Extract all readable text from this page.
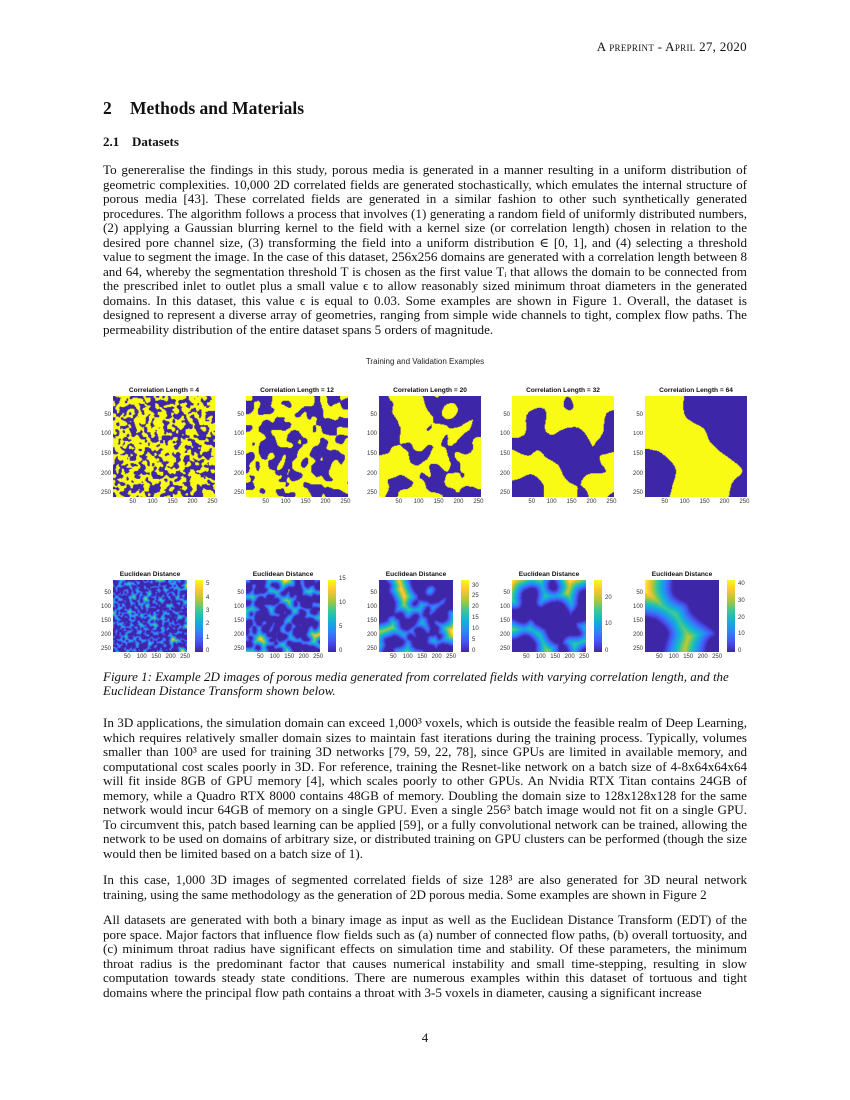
A preprint - April 27, 2020
2 Methods and Materials
2.1 Datasets
To genereralise the findings in this study, porous media is generated in a manner resulting in a uniform distribution of geometric complexities. 10,000 2D correlated fields are generated stochastically, which emulates the internal structure of porous media [43]. These correlated fields are generated in a similar fashion to other such synthetically generated procedures. The algorithm follows a process that involves (1) generating a random field of uniformly distributed numbers, (2) applying a Gaussian blurring kernel to the field with a kernel size (or correlation length) chosen in relation to the desired pore channel size, (3) transforming the field into a uniform distribution ∈ [0, 1], and (4) selecting a threshold value to segment the image. In the case of this dataset, 256x256 domains are generated with a correlation length between 8 and 64, whereby the segmentation threshold T is chosen as the first value Tᵢ that allows the domain to be connected from the prescribed inlet to outlet plus a small value ϵ to allow reasonably sized minimum throat diameters in the generated domains. In this dataset, this value ϵ is equal to 0.03. Some examples are shown in Figure 1. Overall, the dataset is designed to represent a diverse array of geometries, ranging from simple wide channels to tight, complex flow paths. The permeability distribution of the entire dataset spans 5 orders of magnitude.
Training and Validation Examples
Correlation Length = 4
50
50
100
100
150
150
200
200
250
250
Correlation Length = 12
50
50
100
100
150
150
200
200
250
250
Correlation Length = 20
50
50
100
100
150
150
200
200
250
250
Correlation Length = 32
50
50
100
100
150
150
200
200
250
250
Correlation Length = 64
50
50
100
100
150
150
200
200
250
250
Euclidean Distance
50
50
100
100
150
150
200
200
250
250
0
1
2
3
4
5
Euclidean Distance
50
50
100
100
150
150
200
200
250
250
0
5
10
15
Euclidean Distance
50
50
100
100
150
150
200
200
250
250
0
5
10
15
20
25
30
Euclidean Distance
50
50
100
100
150
150
200
200
250
250
0
10
20
Euclidean Distance
50
50
100
100
150
150
200
200
250
250
0
10
20
30
40
Figure 1: Example 2D images of porous media generated from correlated fields with varying correlation length, and the Euclidean Distance Transform shown below.
In 3D applications, the simulation domain can exceed 1,000³ voxels, which is outside the feasible realm of Deep Learning, which requires relatively smaller domain sizes to maintain fast iterations during the training process. Typically, volumes smaller than 100³ are used for training 3D networks [79, 59, 22, 78], since GPUs are limited in available memory, and computational cost scales poorly in 3D. For reference, training the Resnet-like network on a batch size of 4-8x64x64x64 will fit inside 8GB of GPU memory [4], which scales poorly to other GPUs. An Nvidia RTX Titan contains 24GB of memory, while a Quadro RTX 8000 contains 48GB of memory. Doubling the domain size to 128x128x128 for the same network would incur 64GB of memory on a single GPU. Even a single 256³ batch image would not fit on a single GPU. To circumvent this, patch based learning can be applied [59], or a fully convolutional network can be trained, allowing the network to be used on domains of arbitrary size, or distributed training on GPU clusters can be performed (though the size would then be limited based on a batch size of 1).
In this case, 1,000 3D images of segmented correlated fields of size 128³ are also generated for 3D neural network training, using the same methodology as the generation of 2D porous media. Some examples are shown in Figure 2
All datasets are generated with both a binary image as input as well as the Euclidean Distance Transform (EDT) of the pore space. Major factors that influence flow fields such as (a) number of connected flow paths, (b) overall tortuosity, and (c) minimum throat radius have significant effects on simulation time and stability. Of these parameters, the minimum throat radius is the predominant factor that causes numerical instability and small time-stepping, resulting in slow computation towards steady state conditions. There are numerous examples within this dataset of tortuous and tight domains where the principal flow path contains a throat with 3-5 voxels in diameter, causing a significant increase
4
